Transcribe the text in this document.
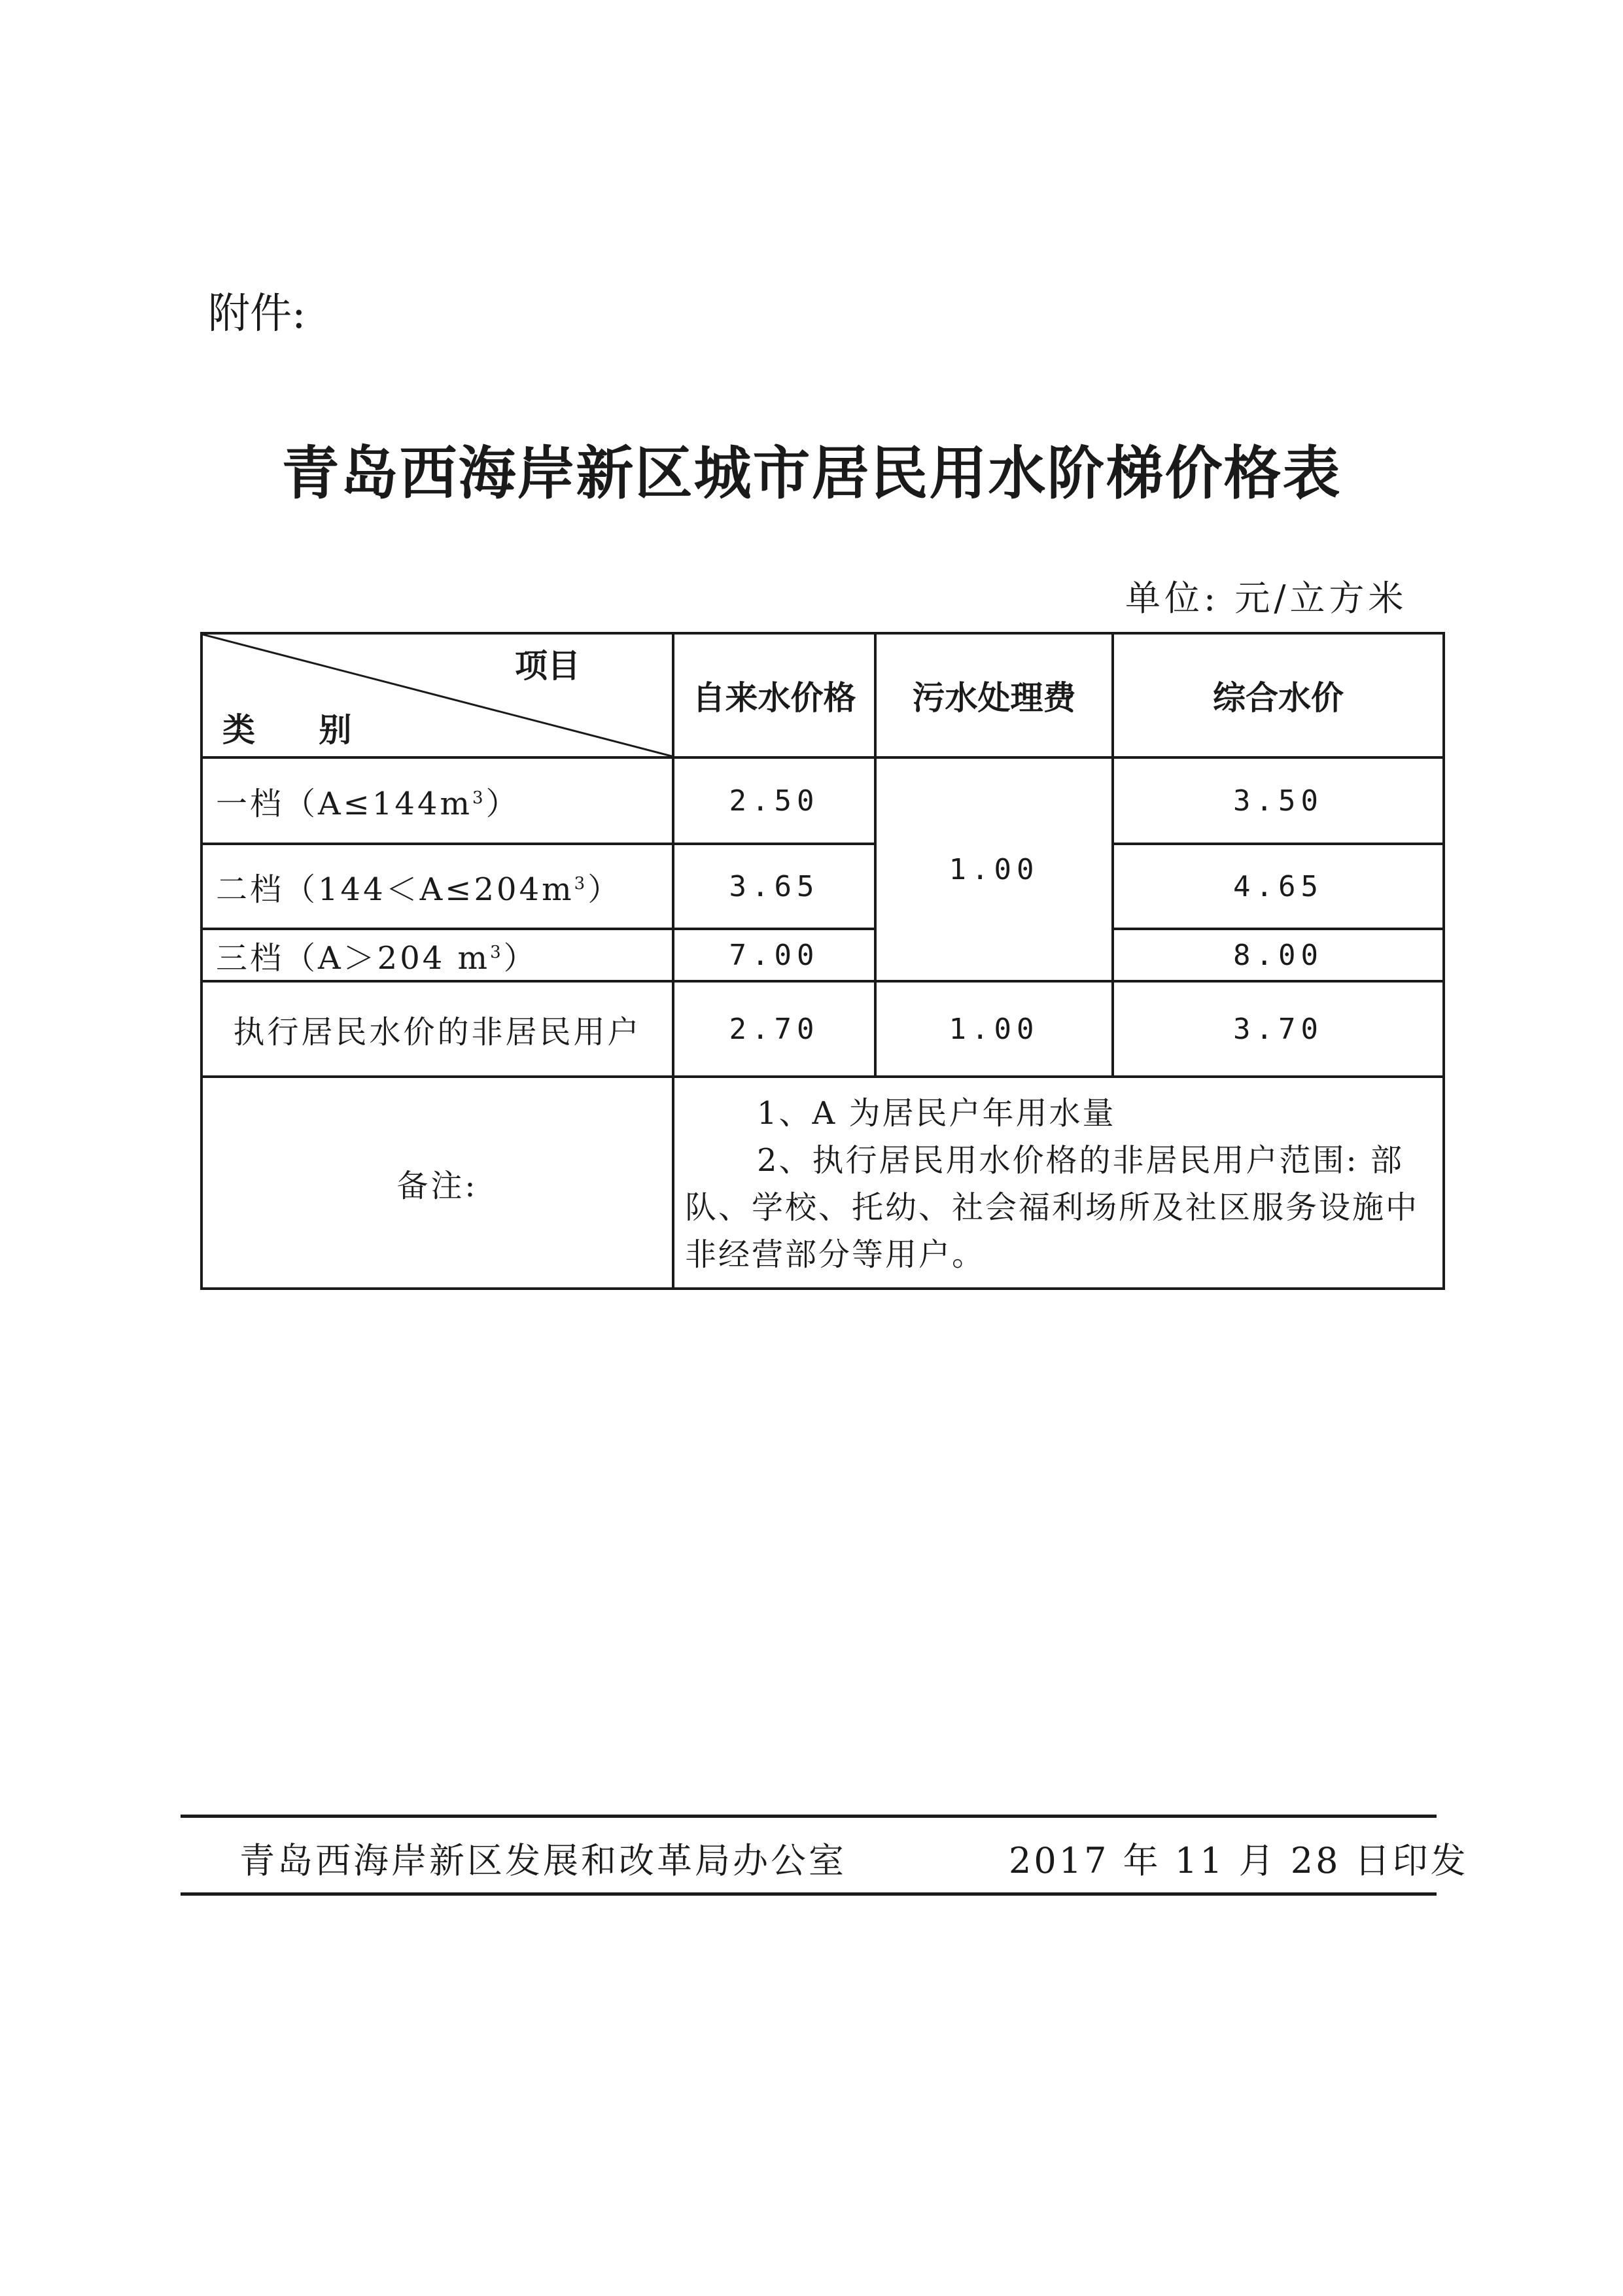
附件:
青岛西海岸新区城市居民用水阶梯价格表
单位: 元/立方米
项目
类 别	自来水价格	污水处理费	综合水价
一档$(A\le 144m^3)$	2.50	1.00	3.50
二档$(144<A\le 204m^3)$	3.65		4.65
三档（A＞204 $m^3$）	7.00		8.00
执行居民水价的非居民用户	2.70	1.00	3.70
备注:	1、A 为居民户年用水量
2、执行居民用水价格的非居民用户范围: 部队、学校、托幼、社会福利场所及社区服务设施中非经营部分等用户。		
青岛西海岸新区发展和改革局办公室	2017 年 11 月 28 日印发
